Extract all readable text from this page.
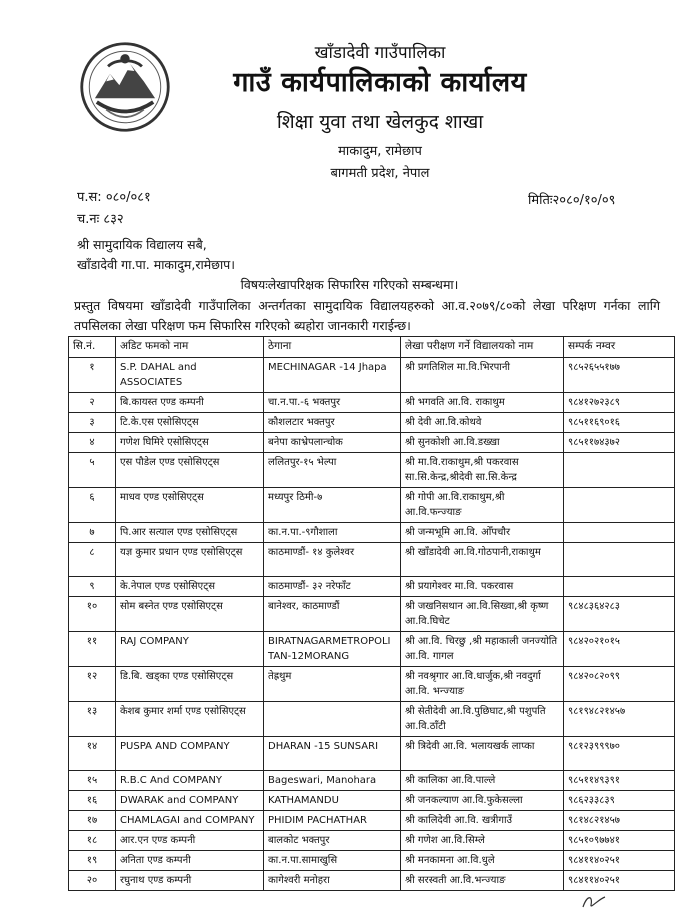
खाँडादेवी गाउँपालिका
गाउँ कार्यपालिकाको कार्यालय
शिक्षा युवा तथा खेलकुद शाखा
माकादुम, रामेछाप
बागमती प्रदेश, नेपाल
प.स: ०८०/०८१
च.नः ८३२
मितिः२०८०/१०/०९
श्री सामुदायिक विद्यालय सबै,
खाँडादेवी गा.पा. माकादुम,रामेछाप।
विषयःलेखापरिक्षक सिफारिस गरिएको सम्बन्धमा।
प्रस्तुत विषयमा खाँडादेवी गाउँपालिका अन्तर्गतका सामुदायिक विद्यालयहरुको आ.व.२०७९/८०को लेखा परिक्षण गर्नका लागि तपसिलका लेखा परिक्षण फम सिफारिस गरिएको ब्यहोरा जानकारी गराईन्छ।
सि.नं.	अडिट फमको नाम	ठेगाना	लेखा परीक्षण गर्ने विद्यालयको नाम	सम्पर्क नम्वर
१	S.P. DAHAL and ASSOCIATES	MECHINAGAR -14 Jhapa	श्री प्रगतिशिल मा.वि.भिरपानी	९८५२६५५१७७
२	बि.कायस्त एण्ड कम्पनी	चा.न.पा.-६ भक्तपुर	श्री भगवति आ.वि. राकाथुम	९८४१२७२३८९
३	टि.के.एस एसोसिएट्स	कौशलटार भक्तपुर	श्री देवी आ.वि.कोथवे	९८५११६९०१६
४	गणेश घिमिरे एसोसिएट्स	बनेपा काभ्रेपलान्चोक	श्री सुनकोशी आ.वि.डख्खा	९८५११७४३७२
५	एस पौडेल एण्ड एसोसिएट्स	ललितपुर-१५ भेल्पा	श्री मा.वि.राकाथुम,श्री पकरवास सा.सि.केन्द्र,श्रीदेवी सा.सि.केन्द्र	
६	माधव एण्ड एसोसिएट्स	मध्यपुर ठिमी-७	श्री गोपी आ.वि.राकाथुम,श्री आ.वि.फन्ज्याङ	
७	पि.आर सत्याल एण्ड एसोसिएट्स	का.न.पा.-९गौशाला	श्री जन्मभूमि आ.वि. ओँपचौर	
८	यज्ञ कुमार प्रधान एण्ड एसोसिएट्स	काठमाण्डौं- १४ कुलेश्वर	श्री खाँडादेवी आ.वि.गोठपानी,राकाथुम	
९	के.नेपाल एण्ड एसोसिएट्स	काठमाण्डौं- ३२ नरेफाँट	श्री प्रयागेश्वर मा.वि. पकरवास	
१०	सोम बस्नेत एण्ड एसोसिएट्स	बानेश्वर, काठमाण्डौं	श्री जखनिसथान आ.वि.सिख्वा,श्री कृष्ण आ.वि.घिचेट	९८४८३६४२८३
११	RAJ COMPANY	BIRATNAGARMETROPOLITAN-12MORANG	श्री आ.वि. चिरछु ,श्री महाकाली जनज्योति आ.वि. गागल	९८४२०२१०१५
१२	डि.बि. खड्का एण्ड एसोसिएट्स	तेह्रथुम	श्री नवश्रृगार आ.वि.धार्जुक,श्री नवदुर्गा आ.वि. भन्ज्याङ	९८४२०८२०९९
१३	केशब कुमार शर्मा एण्ड एसोसिएट्स		श्री सेतीदेवी आ.वि.पुछिघाट,श्री पशुपति आ.वि.ठाँटी	९८१९४८२१४५७
१४	PUSPA AND COMPANY	DHARAN -15 SUNSARI	श्री त्रिदेवी आ.वि. भलायखर्क लाप्का	९८१२३९९९७०
१५	R.B.C And COMPANY	Bageswari, Manohara	श्री कालिका आ.वि.पाल्ले	९८५११४९३९१
१६	DWARAK and COMPANY	KATHAMANDU	श्री जनकल्याण आ.वि.फुकेसल्ला	९८६२३३८३९
१७	CHAMLAGAI and COMPANY	PHIDIM PACHATHAR	श्री कालिदेवी आ.वि. खत्रीगाउँ	९८१४८२१४५७
१८	आर.एन एण्ड कम्पनी	बालकोट भक्तपुर	श्री गणेश आ.वि.सिम्ले	९८५१०९७७४१
१९	अनिता एण्ड कम्पनी	का.न.पा.सामाखुसि	श्री मनकामना आ.वि.धुले	९८४११४०२५१
२०	रघुनाथ एण्ड कम्पनी	कागेश्वरी मनोहरा	श्री सरस्वती आ.वि.भन्ज्याङ	९८४११४०२५१
